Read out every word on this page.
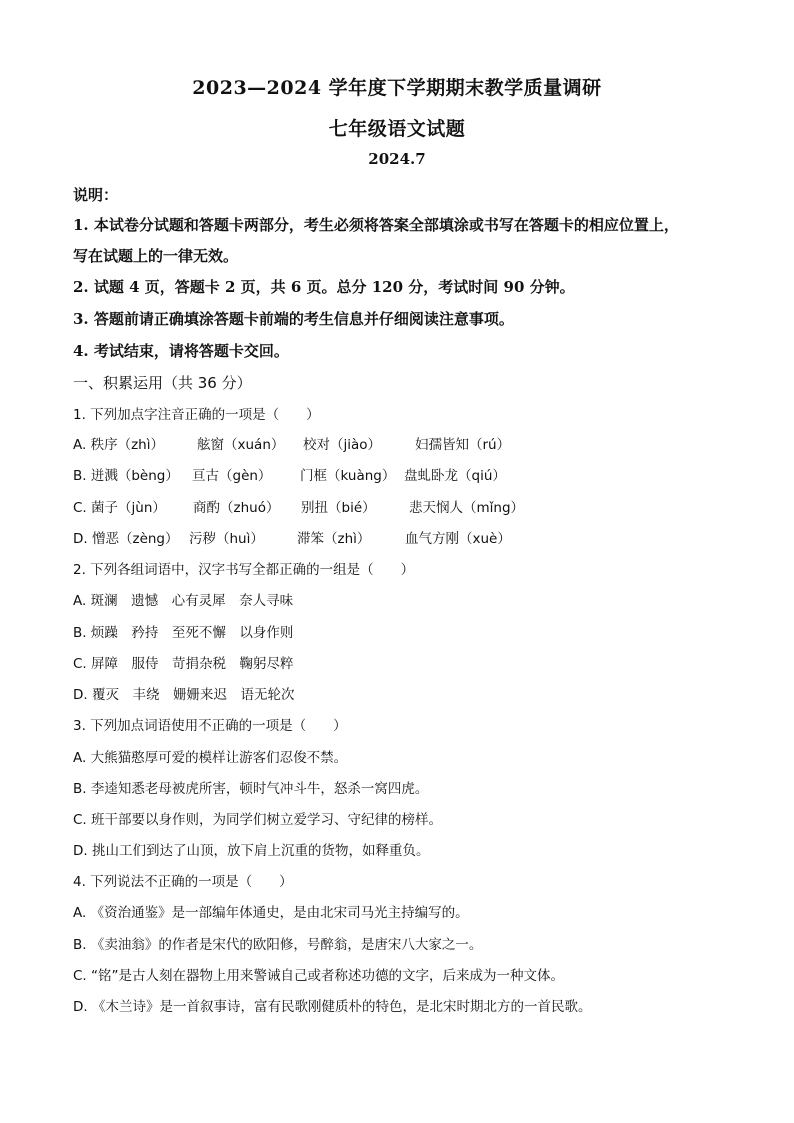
2023—2024 学年度下学期期末教学质量调研
七年级语文试题
2024.7
说明：
1. 本试卷分试题和答题卡两部分，考生必须将答案全部填涂或书写在答题卡的相应位置上，
写在试题上的一律无效。
2. 试题 4 页，答题卡 2 页，共 6 页。总分 120 分，考试时间 90 分钟。
3. 答题前请正确填涂答题卡前端的考生信息并仔细阅读注意事项。
4. 考试结束，请将答题卡交回。
一、积累运用（共 36 分）
1. 下列加点字注音正确的一项是（　　）
A. 秩序（zhì） 舷窗（xuán） 校对（jiào）	妇孺皆知（rú）
B. 迸溅（bèng） 亘古（gèn） 门框（kuàng） 盘虬卧龙（qiú）
C. 菌子（jùn） 商酌（zhuó） 别扭（bié） 悲天悯人（mǐng）
D. 憎恶（zèng） 污秽（huì） 滞笨（zhì）	血气方刚（xuè）
2. 下列各组词语中，汉字书写全都正确的一组是（　　）
A. 斑澜　遗憾　心有灵犀　奈人寻味
B. 烦躁　矜持　至死不懈　以身作则
C. 屏障　服侍　苛捐杂税　鞠躬尽粹
D. 覆灭　丰绕　姗姗来迟　语无轮次
3. 下列加点词语使用不正确的一项是（　　）
A. 大熊猫憨厚可爱的模样让游客们忍俊不禁。
B. 李逵知悉老母被虎所害，顿时气冲斗牛，怒杀一窝四虎。
C. 班干部要以身作则，为同学们树立爱学习、守纪律的榜样。
D. 挑山工们到达了山顶，放下肩上沉重的货物，如释重负。
4. 下列说法不正确的一项是（　　）
A. 《资治通鉴》是一部编年体通史，是由北宋司马光主持编写的。
B. 《卖油翁》的作者是宋代的欧阳修，号醉翁，是唐宋八大家之一。
C. “铭”是古人刻在器物上用来警诫自己或者称述功德的文字，后来成为一种文体。
D. 《木兰诗》是一首叙事诗，富有民歌刚健质朴的特色，是北宋时期北方的一首民歌。
